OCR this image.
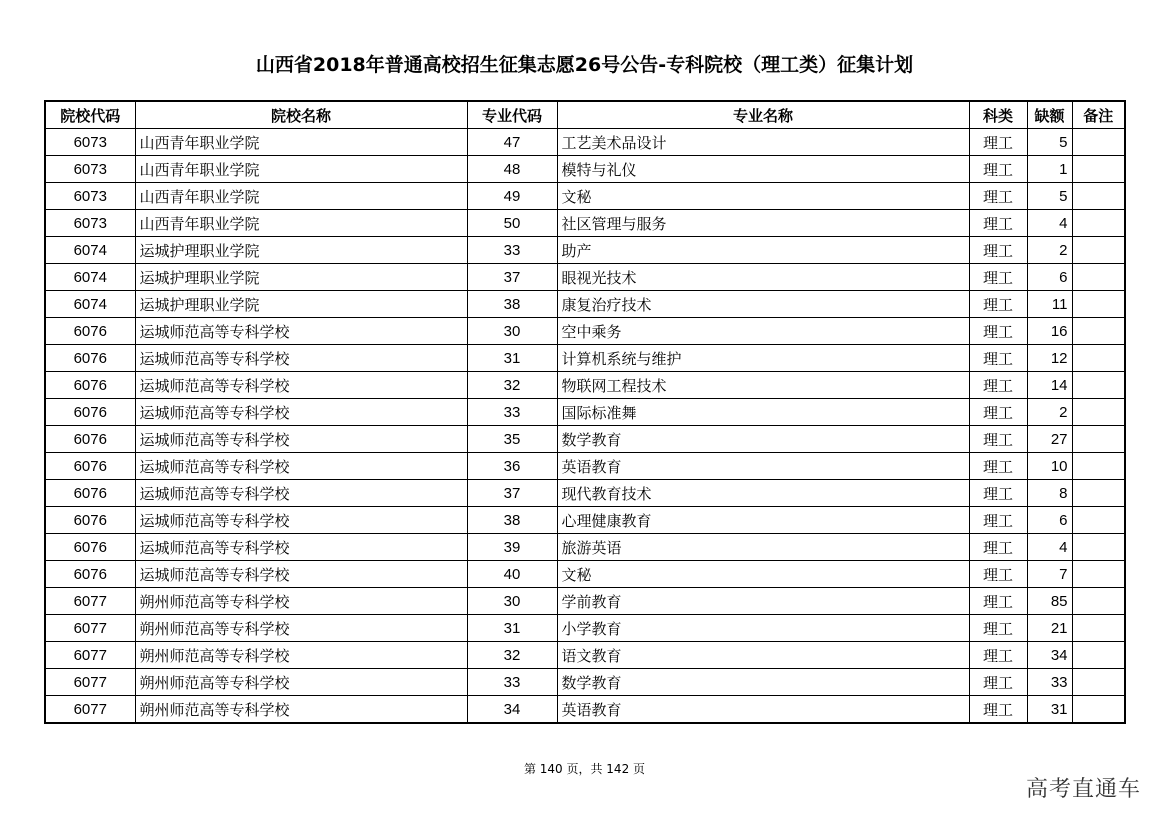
山西省2018年普通高校招生征集志愿26号公告-专科院校（理工类）征集计划
院校代码	院校名称	专业代码	专业名称	科类	缺额	备注
6073	山西青年职业学院	47	工艺美术品设计	理工	5	
6073	山西青年职业学院	48	模特与礼仪	理工	1	
6073	山西青年职业学院	49	文秘	理工	5	
6073	山西青年职业学院	50	社区管理与服务	理工	4	
6074	运城护理职业学院	33	助产	理工	2	
6074	运城护理职业学院	37	眼视光技术	理工	6	
6074	运城护理职业学院	38	康复治疗技术	理工	11	
6076	运城师范高等专科学校	30	空中乘务	理工	16	
6076	运城师范高等专科学校	31	计算机系统与维护	理工	12	
6076	运城师范高等专科学校	32	物联网工程技术	理工	14	
6076	运城师范高等专科学校	33	国际标准舞	理工	2	
6076	运城师范高等专科学校	35	数学教育	理工	27	
6076	运城师范高等专科学校	36	英语教育	理工	10	
6076	运城师范高等专科学校	37	现代教育技术	理工	8	
6076	运城师范高等专科学校	38	心理健康教育	理工	6	
6076	运城师范高等专科学校	39	旅游英语	理工	4	
6076	运城师范高等专科学校	40	文秘	理工	7	
6077	朔州师范高等专科学校	30	学前教育	理工	85	
6077	朔州师范高等专科学校	31	小学教育	理工	21	
6077	朔州师范高等专科学校	32	语文教育	理工	34	
6077	朔州师范高等专科学校	33	数学教育	理工	33	
6077	朔州师范高等专科学校	34	英语教育	理工	31	
第 140 页，共 142 页
高考直通车
